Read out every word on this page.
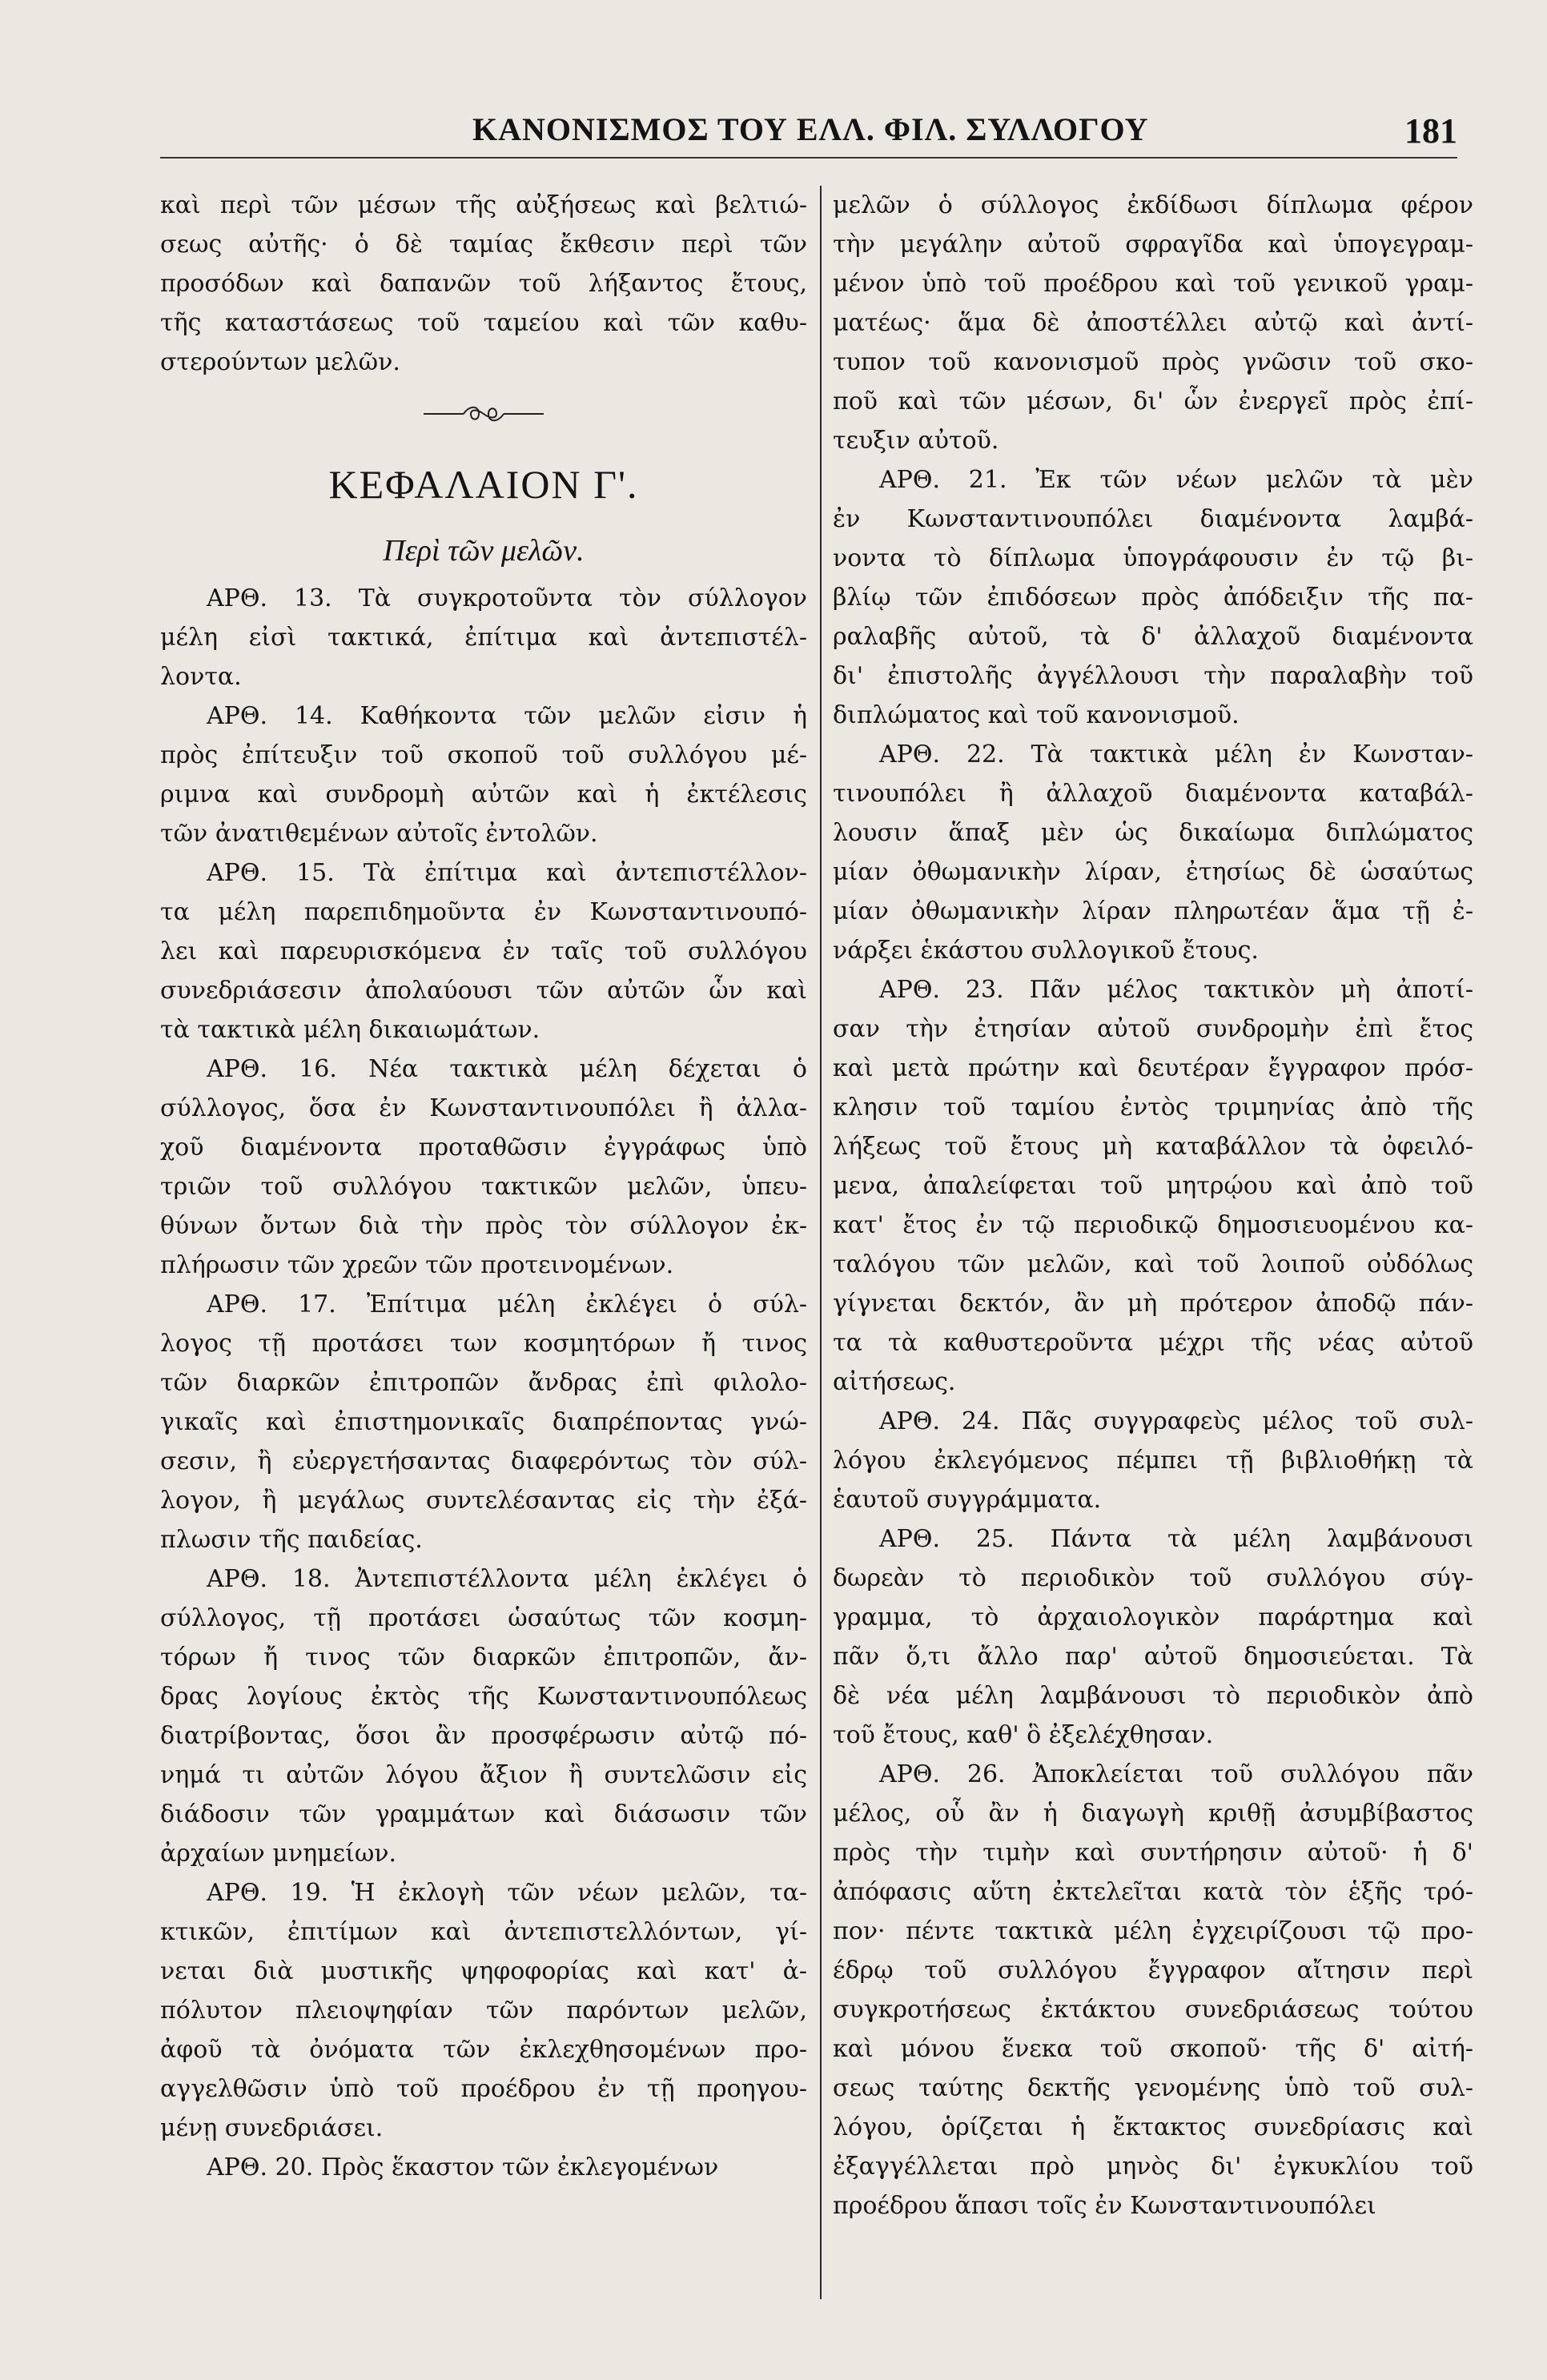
ΚΑΝΟΝΙΣΜΟΣ ΤΟΥ ΕΛΛ. ΦΙΛ. ΣΥΛΛΟΓΟΥ	181
καὶ περὶ τῶν μέσων τῆς αὐξήσεως καὶ βελτιώ-
σεως αὐτῆς· ὁ δὲ ταμίας ἔκθεσιν περὶ τῶν
προσόδων καὶ δαπανῶν τοῦ λήξαντος ἔτους,
τῆς καταστάσεως τοῦ ταμείου καὶ τῶν καθυ-
στερούντων μελῶν.
ΚΕΦΑΛΑΙΟΝ Γ'.
Περὶ τῶν μελῶν.
ΑΡΘ. 13. Τὰ συγκροτοῦντα τὸν σύλλογον
μέλη εἰσὶ τακτικά, ἐπίτιμα καὶ ἀντεπιστέλ-
λοντα.
ΑΡΘ. 14. Καθήκοντα τῶν μελῶν εἰσιν ἡ
πρὸς ἐπίτευξιν τοῦ σκοποῦ τοῦ συλλόγου μέ-
ριμνα καὶ συνδρομὴ αὐτῶν καὶ ἡ ἐκτέλεσις
τῶν ἀνατιθεμένων αὐτοῖς ἐντολῶν.
ΑΡΘ. 15. Τὰ ἐπίτιμα καὶ ἀντεπιστέλλον-
τα μέλη παρεπιδημοῦντα ἐν Κωνσταντινουπό-
λει καὶ παρευρισκόμενα ἐν ταῖς τοῦ συλλόγου
συνεδριάσεσιν ἀπολαύουσι τῶν αὐτῶν ὧν καὶ
τὰ τακτικὰ μέλη δικαιωμάτων.
ΑΡΘ. 16. Νέα τακτικὰ μέλη δέχεται ὁ
σύλλογος, ὅσα ἐν Κωνσταντινουπόλει ἢ ἀλλα-
χοῦ διαμένοντα προταθῶσιν ἐγγράφως ὑπὸ
τριῶν τοῦ συλλόγου τακτικῶν μελῶν, ὑπευ-
θύνων ὄντων διὰ τὴν πρὸς τὸν σύλλογον ἐκ-
πλήρωσιν τῶν χρεῶν τῶν προτεινομένων.
ΑΡΘ. 17. Ἐπίτιμα μέλη ἐκλέγει ὁ σύλ-
λογος τῇ προτάσει των κοσμητόρων ἤ τινος
τῶν διαρκῶν ἐπιτροπῶν ἄνδρας ἐπὶ φιλολο-
γικαῖς καὶ ἐπιστημονικαῖς διαπρέποντας γνώ-
σεσιν, ἢ εὐεργετήσαντας διαφερόντως τὸν σύλ-
λογον, ἢ μεγάλως συντελέσαντας εἰς τὴν ἐξά-
πλωσιν τῆς παιδείας.
ΑΡΘ. 18. Ἀντεπιστέλλοντα μέλη ἐκλέγει ὁ
σύλλογος, τῇ προτάσει ὡσαύτως τῶν κοσμη-
τόρων ἤ τινος τῶν διαρκῶν ἐπιτροπῶν, ἄν-
δρας λογίους ἐκτὸς τῆς Κωνσταντινουπόλεως
διατρίβοντας, ὅσοι ἂν προσφέρωσιν αὐτῷ πό-
νημά τι αὐτῶν λόγου ἄξιον ἢ συντελῶσιν εἰς
διάδοσιν τῶν γραμμάτων καὶ διάσωσιν τῶν
ἀρχαίων μνημείων.
ΑΡΘ. 19. Ἡ ἐκλογὴ τῶν νέων μελῶν, τα-
κτικῶν, ἐπιτίμων καὶ ἀντεπιστελλόντων, γί-
νεται διὰ μυστικῆς ψηφοφορίας καὶ κατ' ἀ-
πόλυτον πλειοψηφίαν τῶν παρόντων μελῶν,
ἀφοῦ τὰ ὀνόματα τῶν ἐκλεχθησομένων προ-
αγγελθῶσιν ὑπὸ τοῦ προέδρου ἐν τῇ προηγου-
μένῃ συνεδριάσει.
ΑΡΘ. 20. Πρὸς ἕκαστον τῶν ἐκλεγομένων
μελῶν ὁ σύλλογος ἐκδίδωσι δίπλωμα φέρον
τὴν μεγάλην αὐτοῦ σφραγῖδα καὶ ὑπογεγραμ-
μένον ὑπὸ τοῦ προέδρου καὶ τοῦ γενικοῦ γραμ-
ματέως· ἅμα δὲ ἀποστέλλει αὐτῷ καὶ ἀντί-
τυπον τοῦ κανονισμοῦ πρὸς γνῶσιν τοῦ σκο-
ποῦ καὶ τῶν μέσων, δι' ὧν ἐνεργεῖ πρὸς ἐπί-
τευξιν αὐτοῦ.
ΑΡΘ. 21. Ἐκ τῶν νέων μελῶν τὰ μὲν
ἐν Κωνσταντινουπόλει διαμένοντα λαμβά-
νοντα τὸ δίπλωμα ὑπογράφουσιν ἐν τῷ βι-
βλίῳ τῶν ἐπιδόσεων πρὸς ἀπόδειξιν τῆς πα-
ραλαβῆς αὐτοῦ, τὰ δ' ἀλλαχοῦ διαμένοντα
δι' ἐπιστολῆς ἀγγέλλουσι τὴν παραλαβὴν τοῦ
διπλώματος καὶ τοῦ κανονισμοῦ.
ΑΡΘ. 22. Τὰ τακτικὰ μέλη ἐν Κωνσταν-
τινουπόλει ἢ ἀλλαχοῦ διαμένοντα καταβάλ-
λουσιν ἅπαξ μὲν ὡς δικαίωμα διπλώματος
μίαν ὀθωμανικὴν λίραν, ἐτησίως δὲ ὡσαύτως
μίαν ὀθωμανικὴν λίραν πληρωτέαν ἅμα τῇ ἐ-
νάρξει ἑκάστου συλλογικοῦ ἔτους.
ΑΡΘ. 23. Πᾶν μέλος τακτικὸν μὴ ἀποτί-
σαν τὴν ἐτησίαν αὐτοῦ συνδρομὴν ἐπὶ ἔτος
καὶ μετὰ πρώτην καὶ δευτέραν ἔγγραφον πρόσ-
κλησιν τοῦ ταμίου ἐντὸς τριμηνίας ἀπὸ τῆς
λήξεως τοῦ ἔτους μὴ καταβάλλον τὰ ὀφειλό-
μενα, ἀπαλείφεται τοῦ μητρῴου καὶ ἀπὸ τοῦ
κατ' ἔτος ἐν τῷ περιοδικῷ δημοσιευομένου κα-
ταλόγου τῶν μελῶν, καὶ τοῦ λοιποῦ οὐδόλως
γίγνεται δεκτόν, ἂν μὴ πρότερον ἀποδῷ πάν-
τα τὰ καθυστεροῦντα μέχρι τῆς νέας αὐτοῦ
αἰτήσεως.
ΑΡΘ. 24. Πᾶς συγγραφεὺς μέλος τοῦ συλ-
λόγου ἐκλεγόμενος πέμπει τῇ βιβλιοθήκῃ τὰ
ἑαυτοῦ συγγράμματα.
ΑΡΘ. 25. Πάντα τὰ μέλη λαμβάνουσι
δωρεὰν τὸ περιοδικὸν τοῦ συλλόγου σύγ-
γραμμα, τὸ ἀρχαιολογικὸν παράρτημα καὶ
πᾶν ὅ,τι ἄλλο παρ' αὐτοῦ δημοσιεύεται. Τὰ
δὲ νέα μέλη λαμβάνουσι τὸ περιοδικὸν ἀπὸ
τοῦ ἔτους, καθ' ὃ ἐξελέχθησαν.
ΑΡΘ. 26. Ἀποκλείεται τοῦ συλλόγου πᾶν
μέλος, οὗ ἂν ἡ διαγωγὴ κριθῇ ἀσυμβίβαστος
πρὸς τὴν τιμὴν καὶ συντήρησιν αὐτοῦ· ἡ δ'
ἀπόφασις αὕτη ἐκτελεῖται κατὰ τὸν ἑξῆς τρό-
πον· πέντε τακτικὰ μέλη ἐγχειρίζουσι τῷ προ-
έδρῳ τοῦ συλλόγου ἔγγραφον αἴτησιν περὶ
συγκροτήσεως ἐκτάκτου συνεδριάσεως τούτου
καὶ μόνου ἕνεκα τοῦ σκοποῦ· τῆς δ' αἰτή-
σεως ταύτης δεκτῆς γενομένης ὑπὸ τοῦ συλ-
λόγου, ὁρίζεται ἡ ἔκτακτος συνεδρίασις καὶ
ἐξαγγέλλεται πρὸ μηνὸς δι' ἐγκυκλίου τοῦ
προέδρου ἅπασι τοῖς ἐν Κωνσταντινουπόλει
